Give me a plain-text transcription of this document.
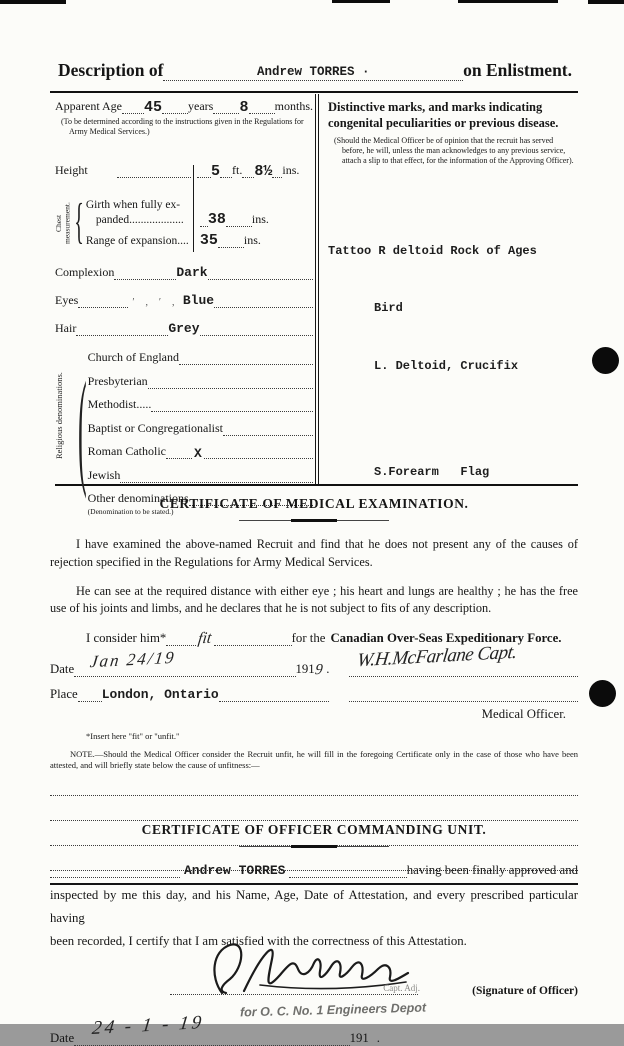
Description of	Andrew TORRES ·	on Enlistment.
Apparent Age 45 years 8 months.
(To be determined according to the instructions given in the Regulations for Army Medical Services.)
Height	5 ft. 8½ ins.
Chest measurement. { Girth when fully ex-
panded...................	38 ins.
Range of expansion.... 35 ins.
Complexion	Dark
Eyes	′ ‚ ′ ‚ Blue
Hair	Grey
Religious denominations. ( Church of England
Presbyterian
Methodist.....
Baptist or Congregationalist
Roman Catholic X
Jewish
Other denominations
(Denomination to be stated.)
Distinctive marks, and marks indicating congenital peculiarities or previous disease.
(Should the Medical Officer be of opinion that the recruit has served before, he will, unless the man acknowledges to any previous service, attach a slip to that effect, for the information of the Approving Officer).

Tattoo R deltoid Rock of Ages

Bird

L. Deltoid, Crucifix

S.Forearm   Flag

CERTIFICATE OF MEDICAL EXAMINATION.
I have examined the above-named Recruit and find that he does not present any of the causes of rejection specified in the Regulations for Army Medical Services.
He can see at the required distance with either eye ; his heart and lungs are healthy ; he has the free use of his joints and limbs, and he declares that he is not subject to fits of any description.
I consider him* fit	for the Canadian Over-Seas Expeditionary Force.
Date Jan 24/19	191 9 . W.H.McFarlane Capt.
Place London, Ontario
Medical Officer.
*Insert here "fit" or "unfit."
NOTE.—Should the Medical Officer consider the Recruit unfit, he will fill in the foregoing Certificate only in the case of those who have been attested, and will briefly state below the cause of unfitness:—
CERTIFICATE OF OFFICER COMMANDING UNIT.
Andrew TORRES	having been finally approved and
inspected by me this day, and his Name, Age, Date of Attestation, and every prescribed particular having
been recorded, I certify that I am satisfied with the correctness of this Attestation.
Capt. Adj.	(Signature of Officer)
for O. C. No. 1 Engineers Depot
Date 24 - 1 - 19	191 .
